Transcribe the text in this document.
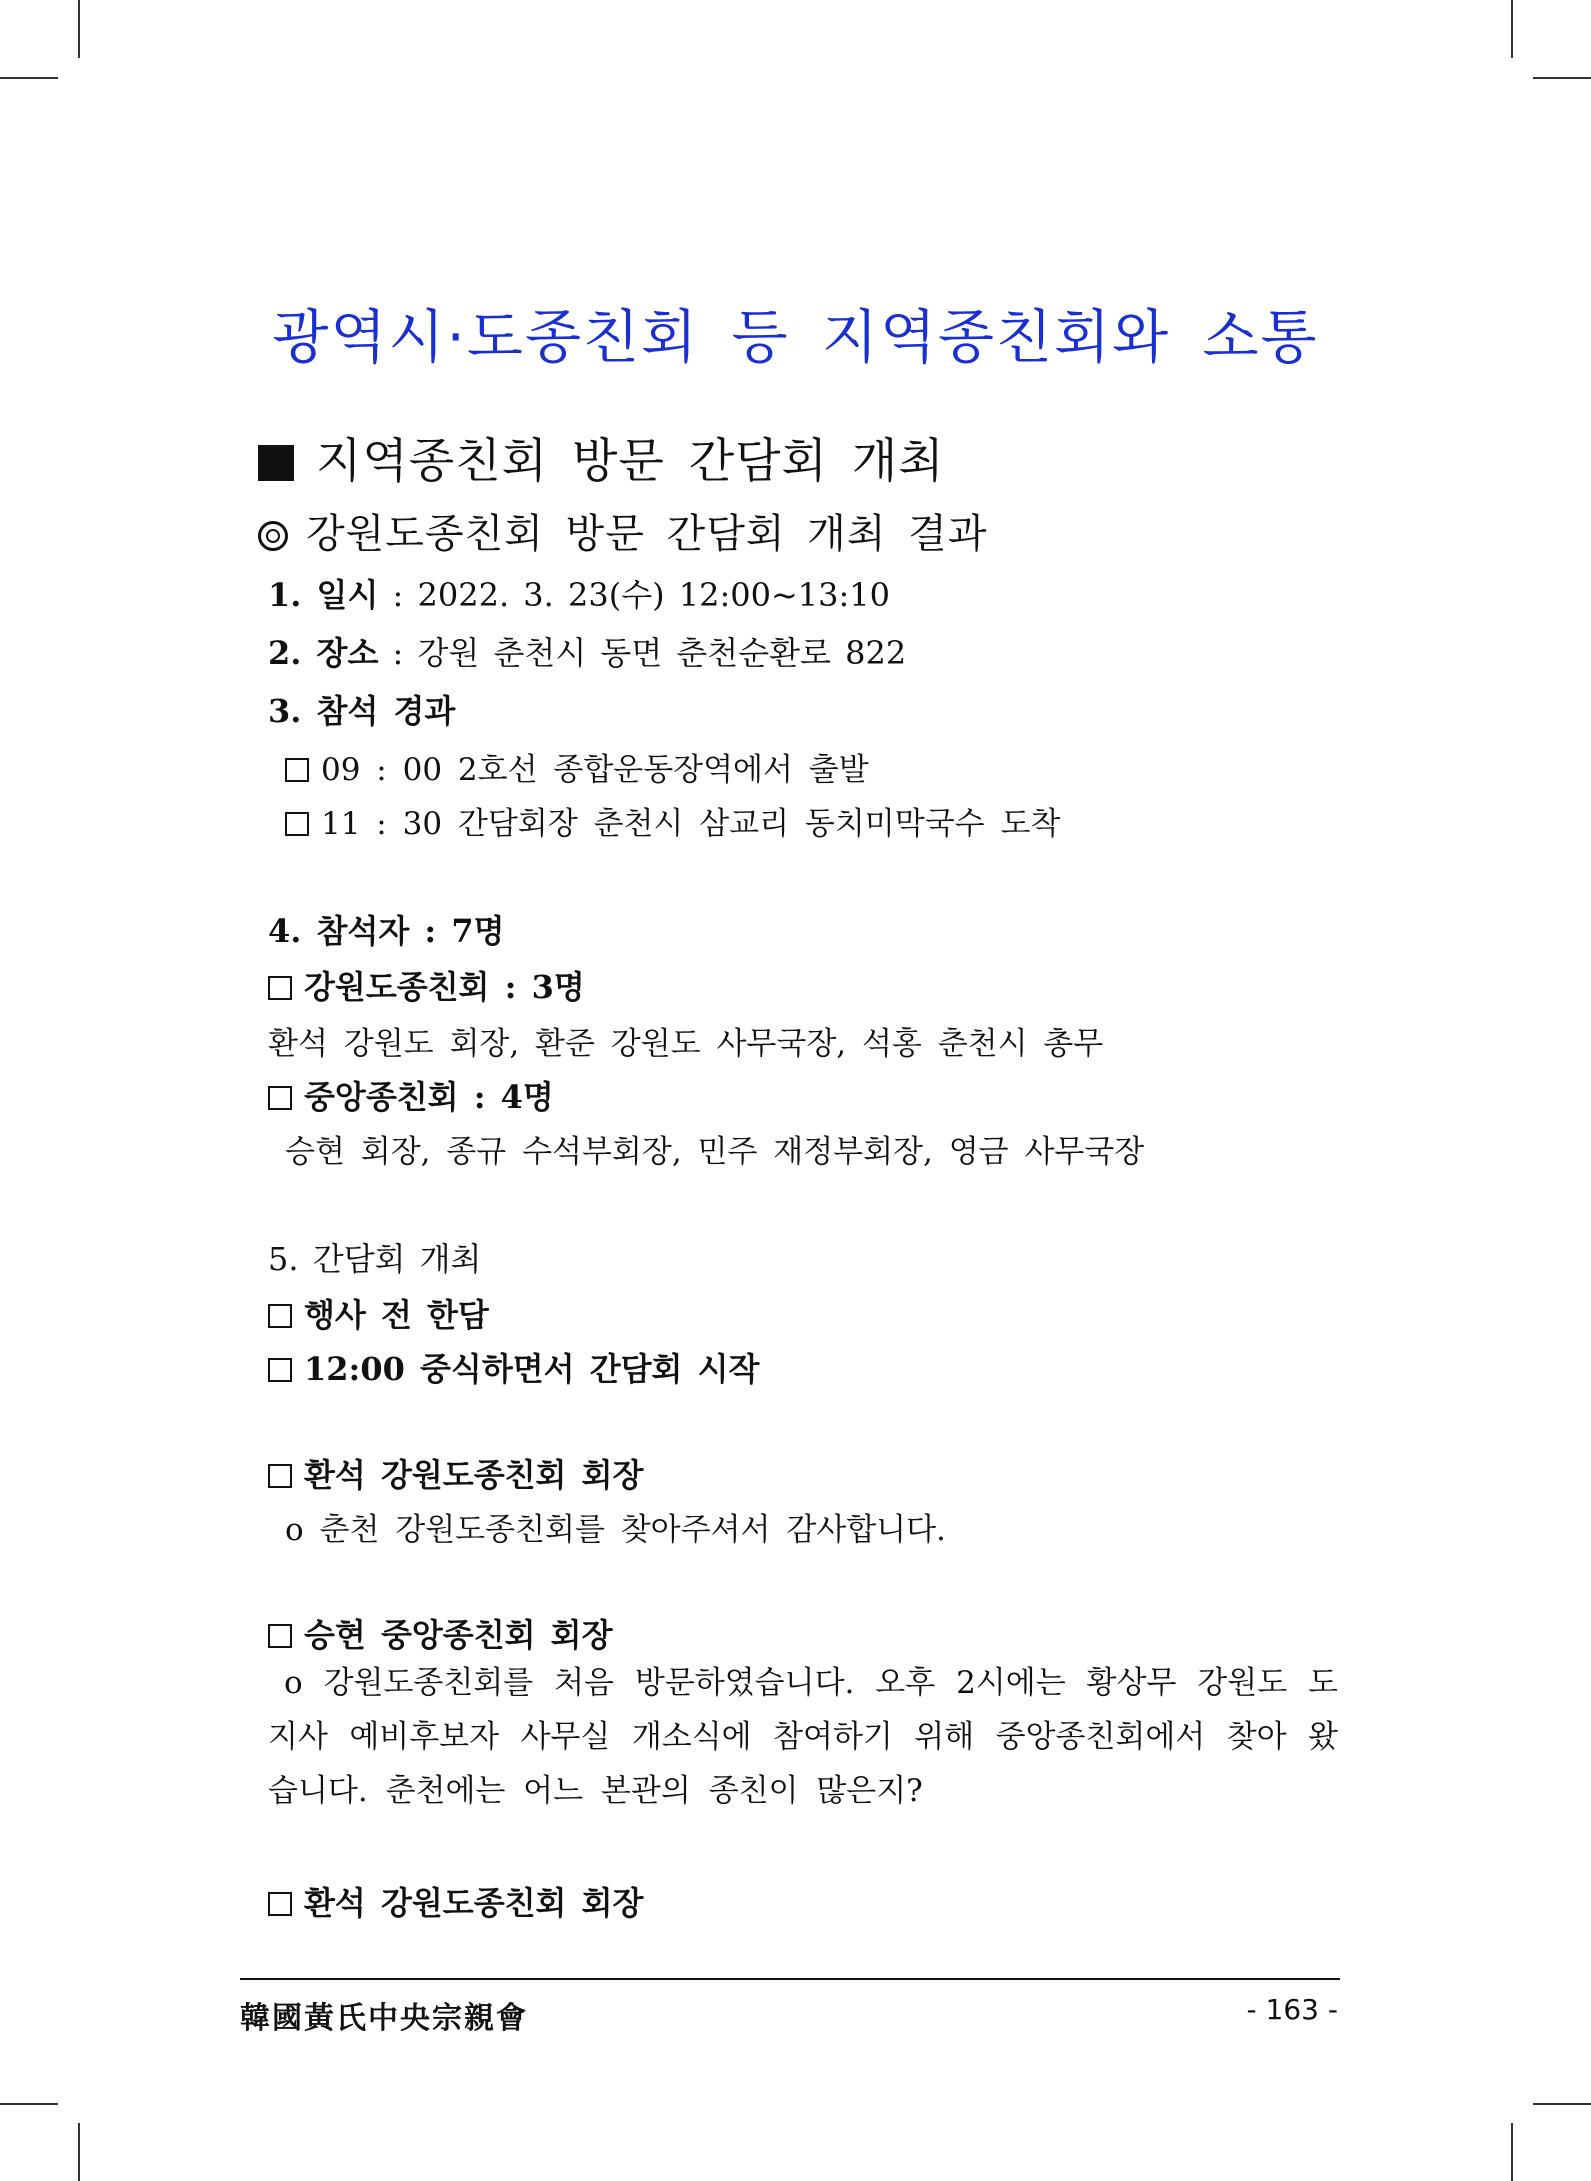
광역시·도종친회 등 지역종친회와 소통
지역종친회 방문 간담회 개최
강원도종친회 방문 간담회 개최 결과
1. 일시 : 2022. 3. 23(수) 12:00~13:10
2. 장소 : 강원 춘천시 동면 춘천순환로 822
3. 참석 경과
09 : 00 2호선 종합운동장역에서 출발
11 : 30 간담회장 춘천시 삼교리 동치미막국수 도착
4. 참석자 : 7명
강원도종친회 : 3명
환석 강원도 회장, 환준 강원도 사무국장, 석홍 춘천시 총무
중앙종친회 : 4명
승현 회장, 종규 수석부회장, 민주 재정부회장, 영금 사무국장
5. 간담회 개최
행사 전 한담
12:00 중식하면서 간담회 시작
환석 강원도종친회 회장
o 춘천 강원도종친회를 찾아주셔서 감사합니다.
승현 중앙종친회 회장
o 강원도종친회를 처음 방문하였습니다. 오후 2시에는 황상무 강원도 도지사 예비후보자 사무실 개소식에 참여하기 위해 중앙종친회에서 찾아 왔습니다. 춘천에는 어느 본관의 종친이 많은지?
환석 강원도종친회 회장
韓國黃氏中央宗親會	- 163 -
